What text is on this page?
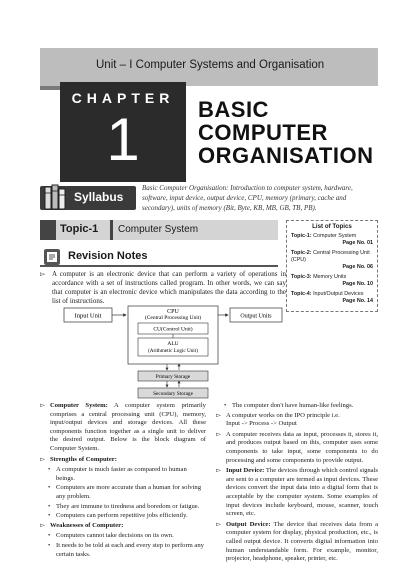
Unit – I Computer Systems and Organisation
CHAPTER
1	BASIC
COMPUTER
ORGANISATION
Syllabus
Basic Computer Organisation: Introduction to computer system, hardware, software, input device, output device, CPU, memory (primary, cache and secondary), units of memory (Bit, Byte, KB, MB, GB, TB, PB).
Topic-1 Computer System
Revision Notes
List of Topics
Topic-1: Computer System
Page No. 01
Topic-2: Central Processing Unit (CPU)
Page No. 06
Topic-3: Memory Units
Page No. 10
Topic-4: Input/Output Devices
Page No. 14
▻ A computer is an electronic device that can perform a variety of operations in accordance with a set of instructions called program. In other words, we can say that computer is an electronic device which manipulates the data according to the list of instructions.

Input Unit
CPU
(Central Processing Unit)
CU(Control Unit)
ALU
(Arithmetic Logic Unit)
Output Units
Primary Storage
Secondary Storage
▻ Computer System: A computer system primarily comprises a central processing unit (CPU), memory, input/output devices and storage devices. All these components function together as a single unit to deliver the desired output. Below is the block diagram of Computer System.
▻ Strengths of Computer:
• A computer is much faster as compared to human beings.
• Computers are more accurate than a human for solving any problem.
• They are immune to tiredness and boredom or fatigue.
• Computers can perform repetitive jobs efficiently.
▻ Weaknesses of Computer:
• Computers cannot take decisions on its own.
• It needs to be told at each and every step to perform any certain tasks.
• The computer don't have human-like feelings.
▻ A computer works on the IPO principle i.e.
Input -> Process -> Output
▻ A computer receives data as input, processes it, stores it, and produces output based on this, computer uses some components to take input, some components to do processing and some components to provide output.
▻ Input Device: The devices through which control signals are sent to a computer are termed as input devices. These devices convert the input data into a digital form that is acceptable by the computer system. Some examples of input devices include keyboard, mouse, scanner, touch screen, etc.
▻ Output Device: The device that receives data from a computer system for display, physical production, etc., is called output device. It converts digital information into human understandable form. For example, monitor, projector, headphone, speaker, printer, etc.
